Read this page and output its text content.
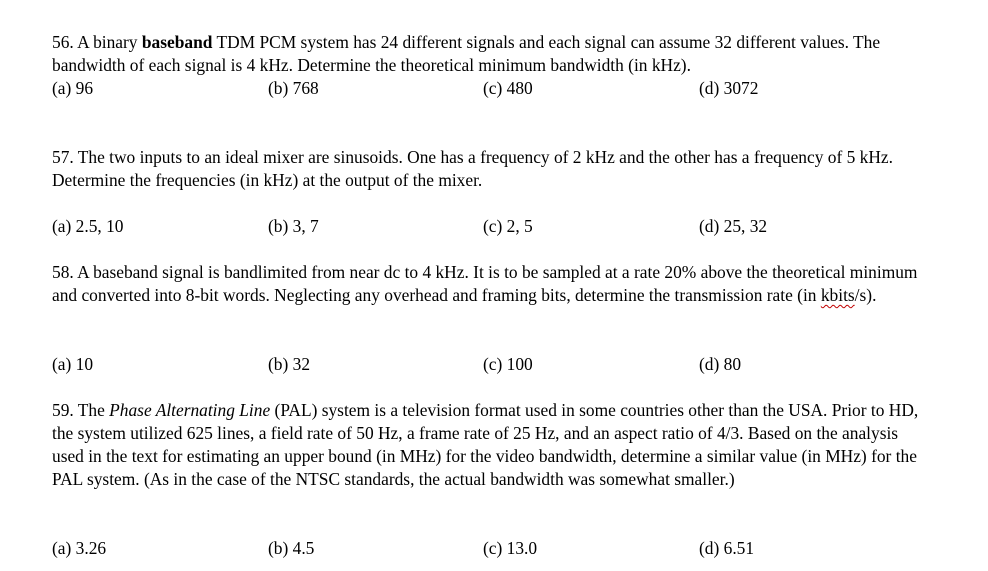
56. A binary baseband TDM PCM system has 24 different signals and each signal can assume 32 different values. The bandwidth of each signal is 4 kHz. Determine the theoretical minimum bandwidth (in kHz).

(a) 96	(b) 768	(c) 480	(d) 3072

57. The two inputs to an ideal mixer are sinusoids. One has a frequency of 2 kHz and the other has a frequency of 5 kHz. Determine the frequencies (in kHz) at the output of the mixer.

(a) 2.5, 10	(b) 3, 7	(c) 2, 5	(d) 25, 32

58. A baseband signal is bandlimited from near dc to 4 kHz. It is to be sampled at a rate 20% above the theoretical minimum and converted into 8-bit words. Neglecting any overhead and framing bits, determine the transmission rate (in kbits/s).

(a) 10	(b) 32	(c) 100	(d) 80

59. The Phase Alternating Line (PAL) system is a television format used in some countries other than the USA. Prior to HD, the system utilized 625 lines, a field rate of 50 Hz, a frame rate of 25 Hz, and an aspect ratio of 4/3. Based on the analysis used in the text for estimating an upper bound (in MHz) for the video bandwidth, determine a similar value (in MHz) for the PAL system. (As in the case of the NTSC standards, the actual bandwidth was somewhat smaller.)

(a) 3.26	(b) 4.5	(c) 13.0	(d) 6.51
